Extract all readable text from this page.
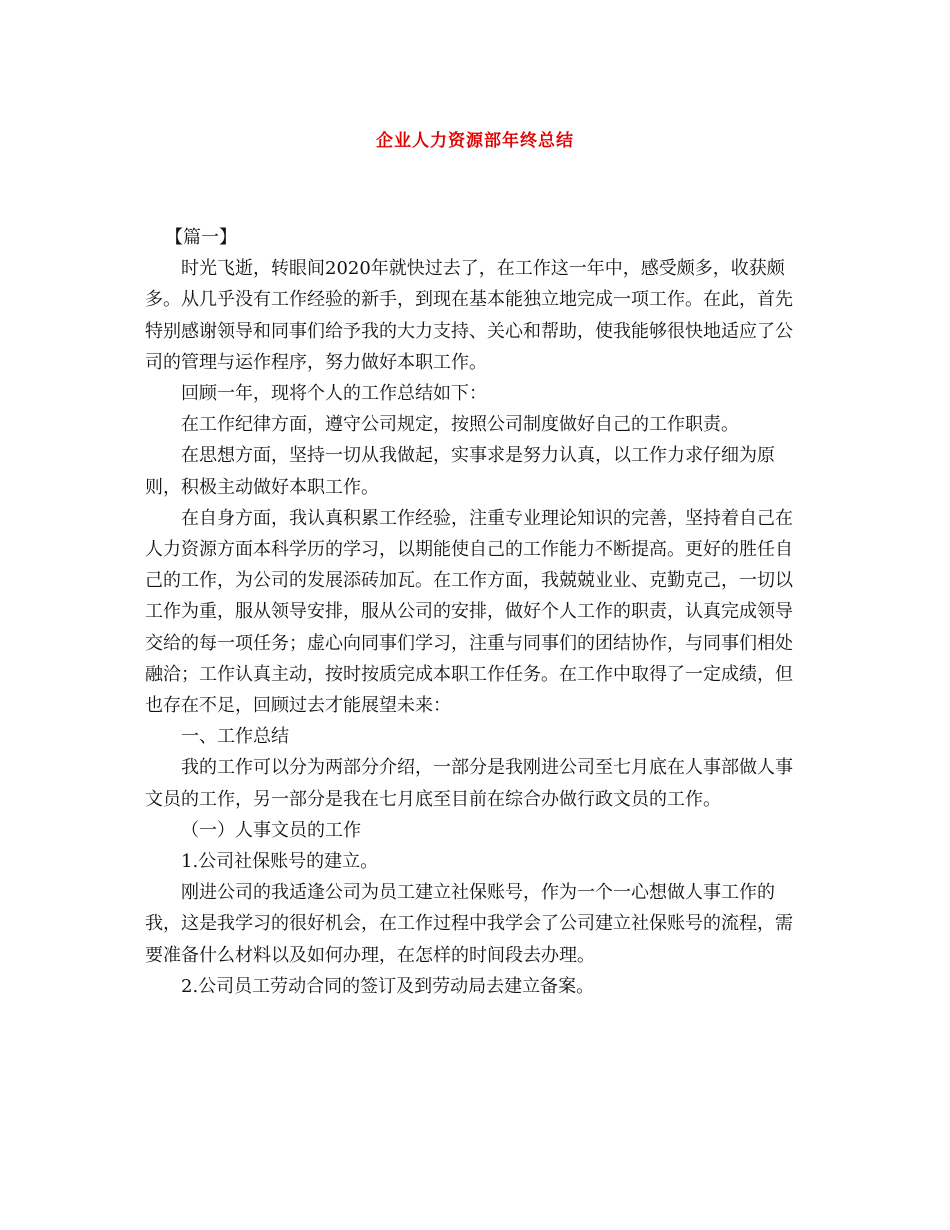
企业人力资源部年终总结

【篇一】

时光飞逝，转眼间2020年就快过去了，在工作这一年中，感受颇多，收获颇多。从几乎没有工作经验的新手，到现在基本能独立地完成一项工作。在此，首先特别感谢领导和同事们给予我的大力支持、关心和帮助，使我能够很快地适应了公司的管理与运作程序，努力做好本职工作。

回顾一年，现将个人的工作总结如下：

在工作纪律方面，遵守公司规定，按照公司制度做好自己的工作职责。

在思想方面，坚持一切从我做起，实事求是努力认真，以工作力求仔细为原则，积极主动做好本职工作。

在自身方面，我认真积累工作经验，注重专业理论知识的完善，坚持着自己在人力资源方面本科学历的学习，以期能使自己的工作能力不断提高。更好的胜任自己的工作，为公司的发展添砖加瓦。在工作方面，我兢兢业业、克勤克己，一切以工作为重，服从领导安排，服从公司的安排，做好个人工作的职责，认真完成领导交给的每一项任务；虚心向同事们学习，注重与同事们的团结协作，与同事们相处融洽；工作认真主动，按时按质完成本职工作任务。在工作中取得了一定成绩，但也存在不足，回顾过去才能展望未来：

一、工作总结

我的工作可以分为两部分介绍，一部分是我刚进公司至七月底在人事部做人事文员的工作，另一部分是我在七月底至目前在综合办做行政文员的工作。

（一）人事文员的工作

1.公司社保账号的建立。

刚进公司的我适逢公司为员工建立社保账号，作为一个一心想做人事工作的我，这是我学习的很好机会，在工作过程中我学会了公司建立社保账号的流程，需要准备什么材料以及如何办理，在怎样的时间段去办理。

2.公司员工劳动合同的签订及到劳动局去建立备案。
